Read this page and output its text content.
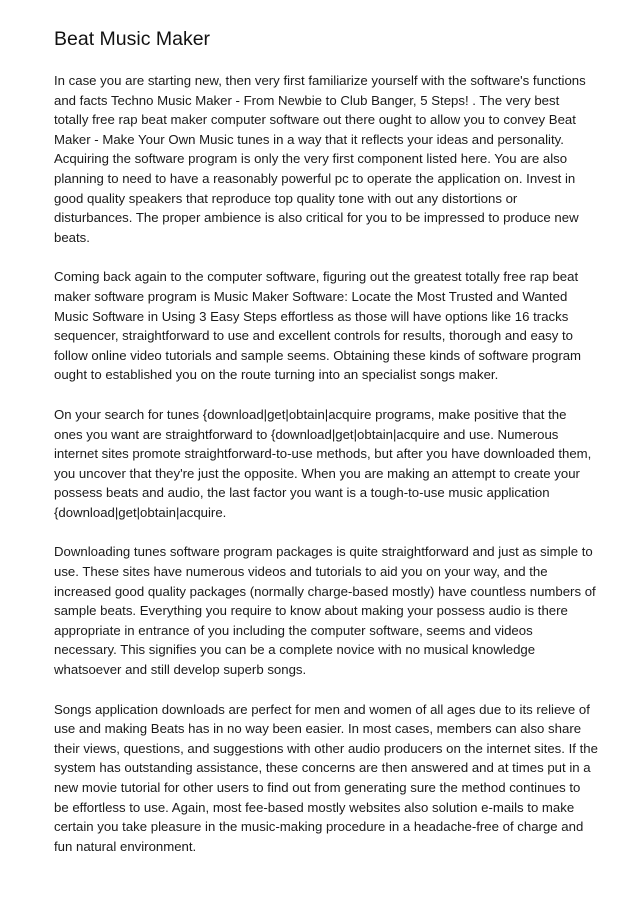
Beat Music Maker

In case you are starting new, then very first familiarize yourself with the software's functions
and facts Techno Music Maker - From Newbie to Club Banger, 5 Steps! . The very best
totally free rap beat maker computer software out there ought to allow you to convey Beat
Maker - Make Your Own Music tunes in a way that it reflects your ideas and personality.
Acquiring the software program is only the very first component listed here. You are also
planning to need to have a reasonably powerful pc to operate the application on. Invest in
good quality speakers that reproduce top quality tone with out any distortions or
disturbances. The proper ambience is also critical for you to be impressed to produce new
beats.

Coming back again to the computer software, figuring out the greatest totally free rap beat
maker software program is Music Maker Software: Locate the Most Trusted and Wanted
Music Software in Using 3 Easy Steps effortless as those will have options like 16 tracks
sequencer, straightforward to use and excellent controls for results, thorough and easy to
follow online video tutorials and sample seems. Obtaining these kinds of software program
ought to established you on the route turning into an specialist songs maker.

On your search for tunes {download|get|obtain|acquire programs, make positive that the
ones you want are straightforward to {download|get|obtain|acquire and use. Numerous
internet sites promote straightforward-to-use methods, but after you have downloaded them,
you uncover that they're just the opposite. When you are making an attempt to create your
possess beats and audio, the last factor you want is a tough-to-use music application
{download|get|obtain|acquire.

Downloading tunes software program packages is quite straightforward and just as simple to
use. These sites have numerous videos and tutorials to aid you on your way, and the
increased good quality packages (normally charge-based mostly) have countless numbers of
sample beats. Everything you require to know about making your possess audio is there
appropriate in entrance of you including the computer software, seems and videos
necessary. This signifies you can be a complete novice with no musical knowledge
whatsoever and still develop superb songs.

Songs application downloads are perfect for men and women of all ages due to its relieve of
use and making Beats has in no way been easier. In most cases, members can also share
their views, questions, and suggestions with other audio producers on the internet sites. If the
system has outstanding assistance, these concerns are then answered and at times put in a
new movie tutorial for other users to find out from generating sure the method continues to
be effortless to use. Again, most fee-based mostly websites also solution e-mails to make
certain you take pleasure in the music-making procedure in a headache-free of charge and
fun natural environment.
